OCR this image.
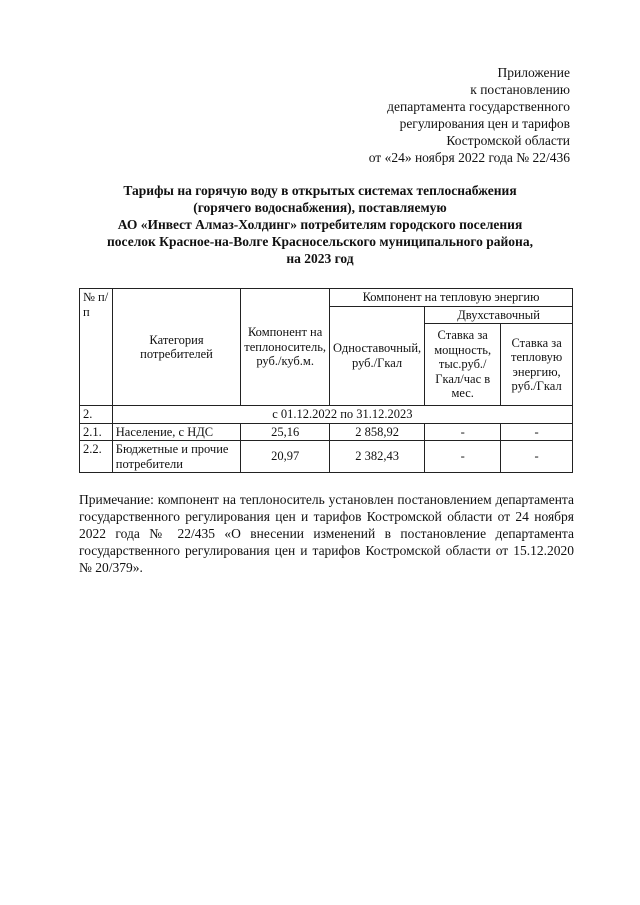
Приложение
к постановлению
департамента государственного
регулирования цен и тарифов
Костромской области
от «24» ноября 2022 года № 22/436
Тарифы на горячую воду в открытых системах теплоснабжения
(горячего водоснабжения), поставляемую
АО «Инвест Алмаз-Холдинг» потребителям городского поселения
поселок Красное-на-Волге Красносельского муниципального района,
на 2023 год
№ п/п	Категория потребителей	Компонент на теплоноситель, руб./куб.м.	Компонент на тепловую энергию		
			Одноставочный, руб./Гкал	Двухставочный	
				Ставка за мощность, тыс.руб./ Гкал/час в мес.	Ставка за тепловую энергию, руб./Гкал
2.	с 01.12.2022 по 31.12.2023				
2.1.	Население, с НДС	25,16	2 858,92	-	-
2.2.	Бюджетные и прочие потребители	20,97	2 382,43	-	-
Примечание: компонент на теплоноситель установлен постановлением департамента государственного регулирования цен и тарифов Костромской области от 24 ноября 2022 года № 22/435 «О внесении изменений в постановление департамента государственного регулирования цен и тарифов Костромской области от 15.12.2020 № 20/379».
